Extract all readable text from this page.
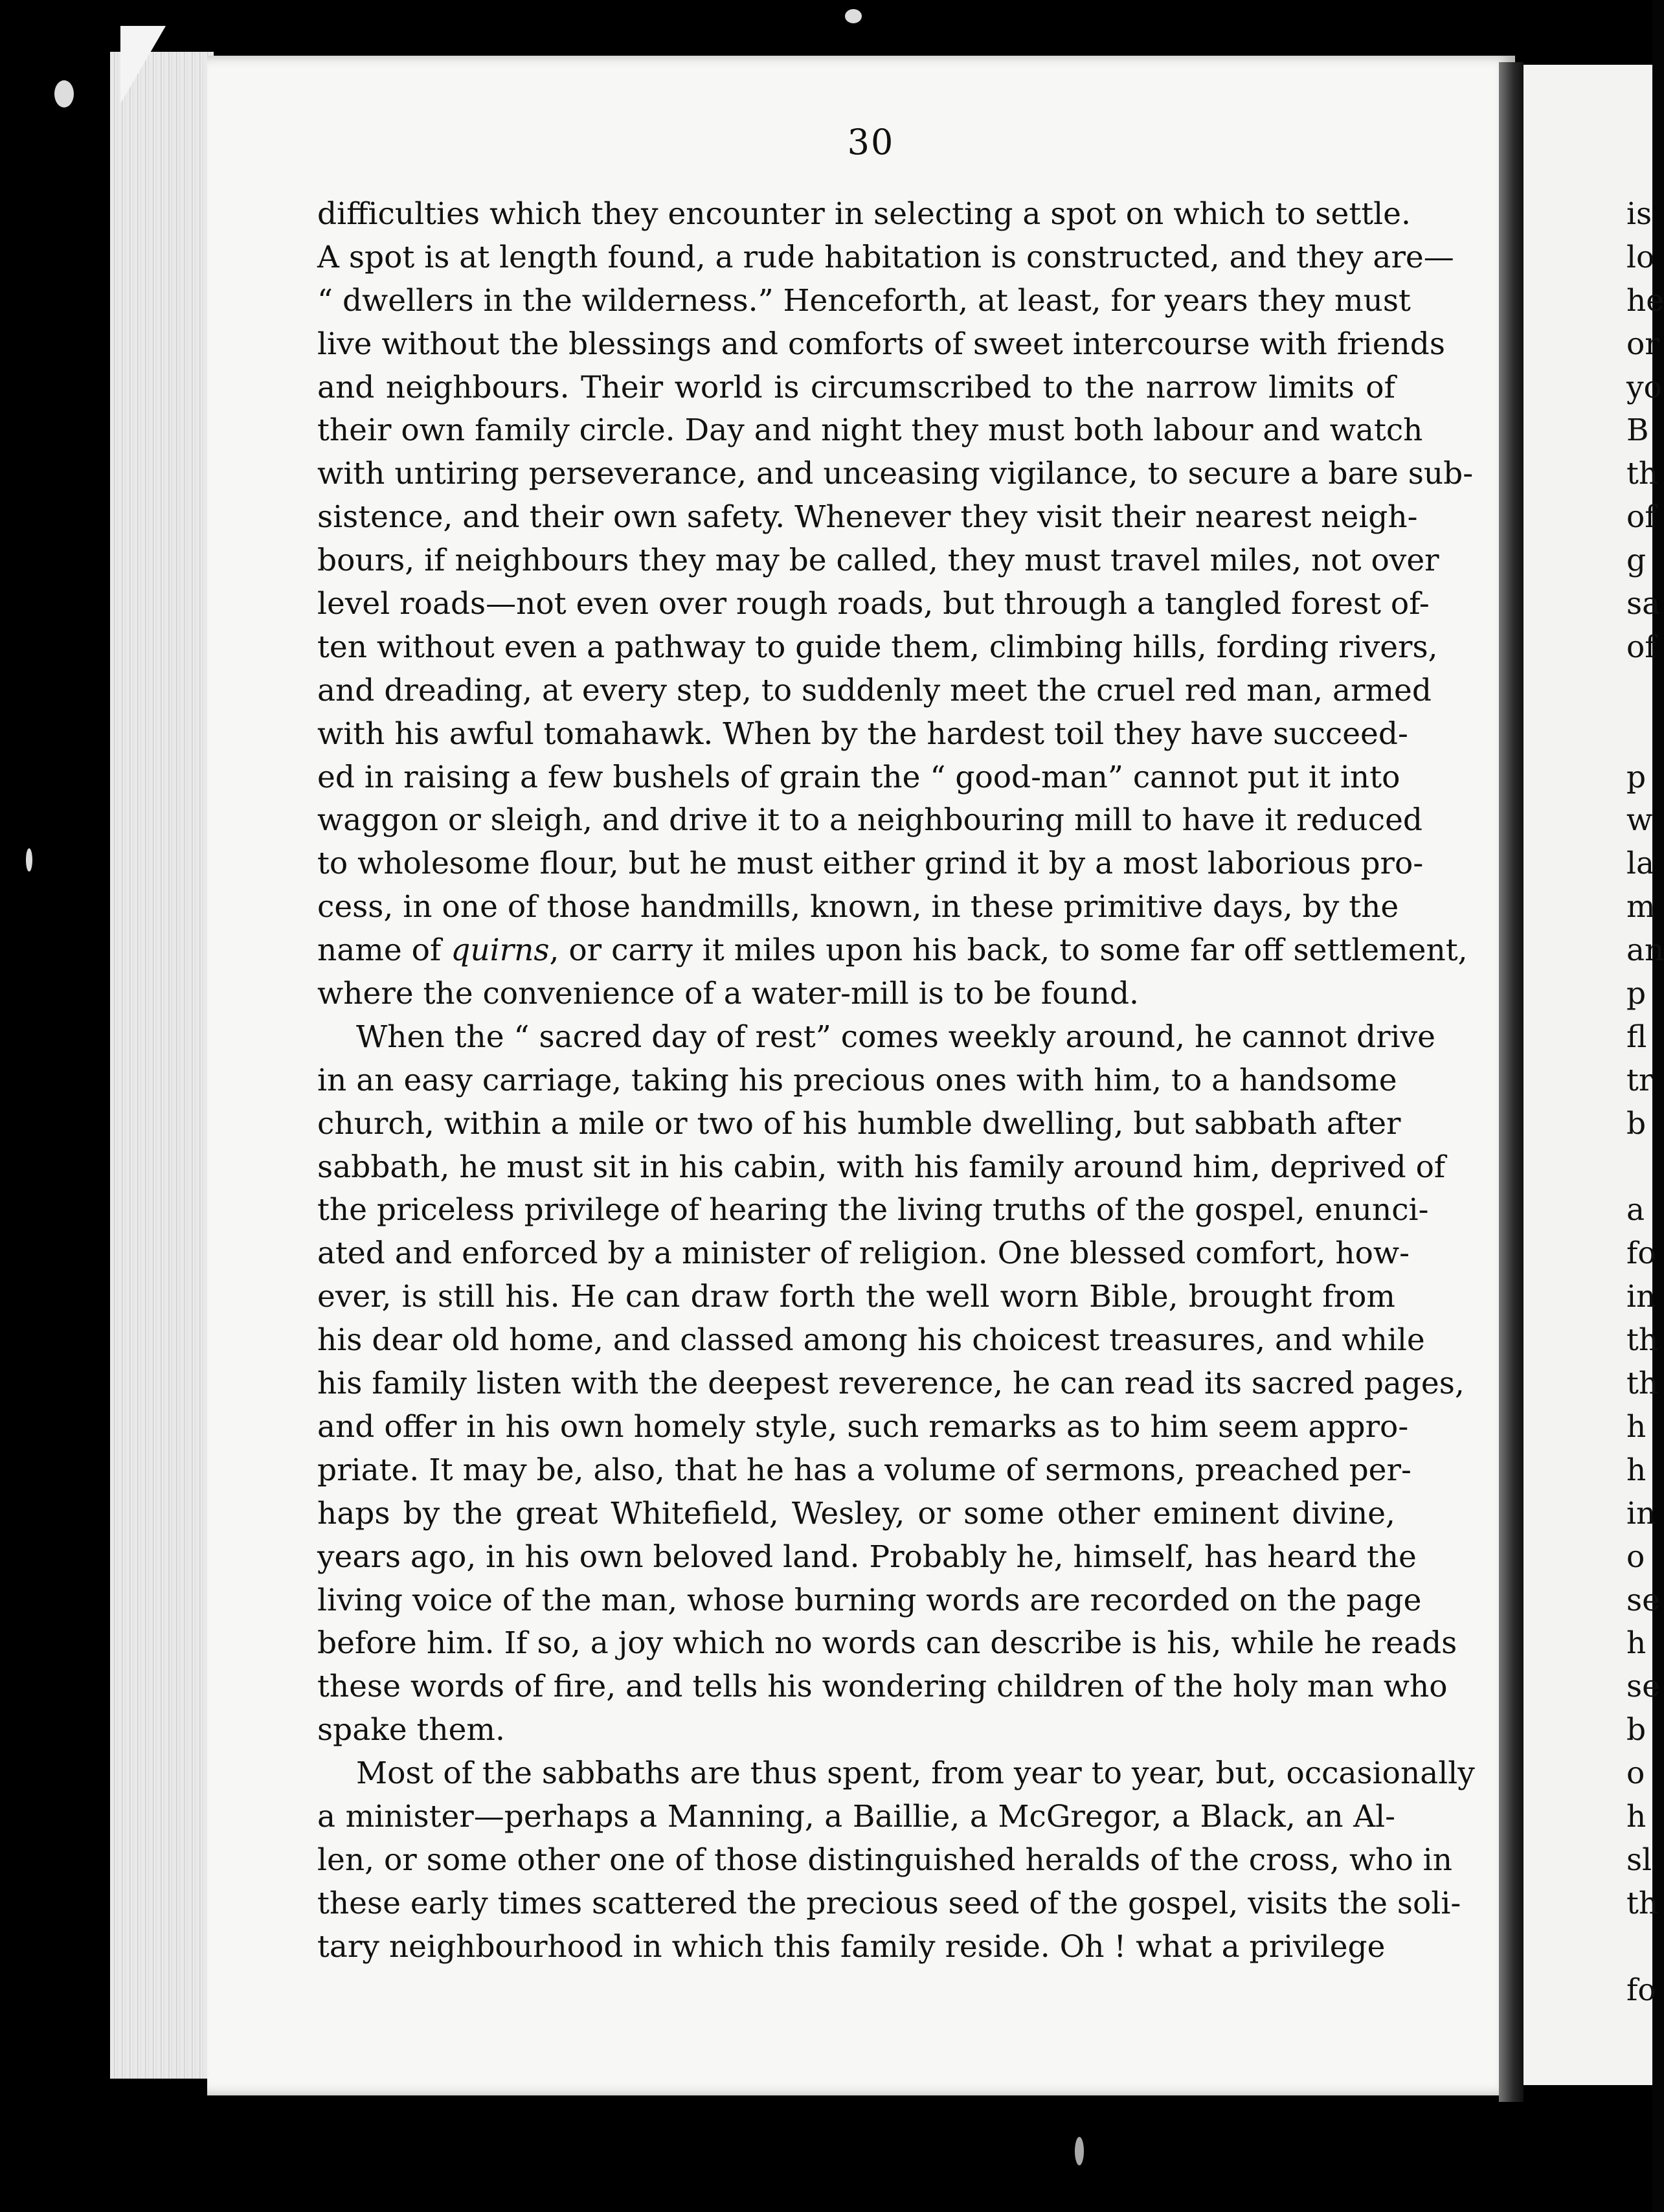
30
difficulties which they encounter in selecting a spot on which to settle.
A spot is at length found, a rude habitation is constructed, and they are—
“ dwellers in the wilderness.” Henceforth, at least, for years they must
live without the blessings and comforts of sweet intercourse with friends
and neighbours. Their world is circumscribed to the narrow limits of
their own family circle. Day and night they must both labour and watch
with untiring perseverance, and unceasing vigilance, to secure a bare sub-
sistence, and their own safety. Whenever they visit their nearest neigh-
bours, if neighbours they may be called, they must travel miles, not over
level roads—not even over rough roads, but through a tangled forest of-
ten without even a pathway to guide them, climbing hills, fording rivers,
and dreading, at every step, to suddenly meet the cruel red man, armed
with his awful tomahawk. When by the hardest toil they have succeed-
ed in raising a few bushels of grain the “ good-man” cannot put it into
waggon or sleigh, and drive it to a neighbouring mill to have it reduced
to wholesome flour, but he must either grind it by a most laborious pro-
cess, in one of those handmills, known, in these primitive days, by the
name of quirns, or carry it miles upon his back, to some far off settlement,
where the convenience of a water-mill is to be found.
When the “ sacred day of rest” comes weekly around, he cannot drive
in an easy carriage, taking his precious ones with him, to a handsome
church, within a mile or two of his humble dwelling, but sabbath after
sabbath, he must sit in his cabin, with his family around him, deprived of
the priceless privilege of hearing the living truths of the gospel, enunci-
ated and enforced by a minister of religion. One blessed comfort, how-
ever, is still his. He can draw forth the well worn Bible, brought from
his dear old home, and classed among his choicest treasures, and while
his family listen with the deepest reverence, he can read its sacred pages,
and offer in his own homely style, such remarks as to him seem appro-
priate. It may be, also, that he has a volume of sermons, preached per-
haps by the great Whitefield, Wesley, or some other eminent divine,
years ago, in his own beloved land. Probably he, himself, has heard the
living voice of the man, whose burning words are recorded on the page
before him. If so, a joy which no words can describe is his, while he reads
these words of fire, and tells his wondering children of the holy man who
spake them.
Most of the sabbaths are thus spent, from year to year, but, occasionally
a minister—perhaps a Manning, a Baillie, a McGregor, a Black, an Al-
len, or some other one of those distinguished heralds of the cross, who in
these early times scattered the precious seed of the gospel, visits the soli-
tary neighbourhood in which this family reside. Oh ! what a privilege
is
lo
he
or
yo
B
th
of
g
sa
of
p
w
la
m
an
p
fl
tr
b
a
fo
in
th
th
h
h
in
o
se
h
se
b
o
h
sl
th
fo
